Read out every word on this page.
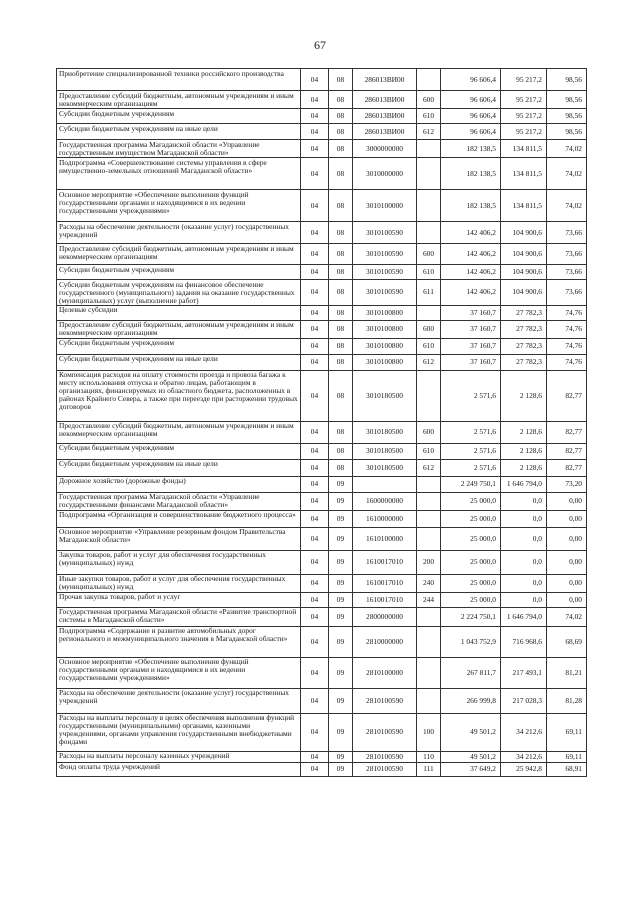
67
Приобретение специализированной техники российского производства	04	08	286013ВИ00		96 606,4	95 217,2	98,56
Предоставление субсидий бюджетным, автономным учреждениям и иным некоммерческим организациям	04	08	286013ВИ00	600	96 606,4	95 217,2	98,56
Субсидии бюджетным учреждениям	04	08	286013ВИ00	610	96 606,4	95 217,2	98,56
Субсидии бюджетным учреждениям на иные цели	04	08	286013ВИ00	612	96 606,4	95 217,2	98,56
Государственная программа Магаданской области «Управление государственным имуществом Магаданской области»	04	08	3000000000		182 138,5	134 811,5	74,02
Подпрограмма «Совершенствование системы управления в сфере имущественно-земельных отношений Магаданской области»	04	08	3010000000		182 138,5	134 811,5	74,02
Основное мероприятие «Обеспечение выполнения функций государственными органами и находящимися в их ведении государственными учреждениями»	04	08	3010100000		182 138,5	134 811,5	74,02
Расходы на обеспечение деятельности (оказание услуг) государственных учреждений	04	08	3010100590		142 406,2	104 900,6	73,66
Предоставление субсидий бюджетным, автономным учреждениям и иным некоммерческим организациям	04	08	3010100590	600	142 406,2	104 900,6	73,66
Субсидии бюджетным учреждениям	04	08	3010100590	610	142 406,2	104 900,6	73,66
Субсидии бюджетным учреждениям на финансовое обеспечение государственного (муниципального) задания на оказание государственных (муниципальных) услуг (выполнение работ)	04	08	3010100590	611	142 406,2	104 900,6	73,66
Целевые субсидии	04	08	3010100800		37 160,7	27 782,3	74,76
Предоставление субсидий бюджетным, автономным учреждениям и иным некоммерческим организациям	04	08	3010100800	600	37 160,7	27 782,3	74,76
Субсидии бюджетным учреждениям	04	08	3010100800	610	37 160,7	27 782,3	74,76
Субсидии бюджетным учреждениям на иные цели	04	08	3010100800	612	37 160,7	27 782,3	74,76
Компенсация расходов на оплату стоимости проезда и провоза багажа к месту использования отпуска и обратно лицам, работающим в организациях, финансируемых из областного бюджета, расположенных в районах Крайнего Севера, а также при переезде при расторжении трудовых договоров	04	08	3010180500		2 571,6	2 128,6	82,77
Предоставление субсидий бюджетным, автономным учреждениям и иным некоммерческим организациям	04	08	3010180500	600	2 571,6	2 128,6	82,77
Субсидии бюджетным учреждениям	04	08	3010180500	610	2 571,6	2 128,6	82,77
Субсидии бюджетным учреждениям на иные цели	04	08	3010180500	612	2 571,6	2 128,6	82,77
Дорожное хозяйство (дорожные фонды)	04	09			2 249 750,1	1 646 794,0	73,20
Государственная программа Магаданской области «Управление государственными финансами Магаданской области»	04	09	1600000000		25 000,0	0,0	0,00
Подпрограмма «Организация и совершенствование бюджетного процесса»	04	09	1610000000		25 000,0	0,0	0,00
Основное мероприятие «Управление резервным фондом Правительства Магаданской области»	04	09	1610100000		25 000,0	0,0	0,00
Закупка товаров, работ и услуг для обеспечения государственных (муниципальных) нужд	04	09	1610017010	200	25 000,0	0,0	0,00
Иные закупки товаров, работ и услуг для обеспечения государственных (муниципальных) нужд	04	09	1610017010	240	25 000,0	0,0	0,00
Прочая закупка товаров, работ и услуг	04	09	1610017010	244	25 000,0	0,0	0,00
Государственная программа Магаданской области «Развитие транспортной системы в Магаданской области»	04	09	2800000000		2 224 750,1	1 646 794,0	74,02
Подпрограмма «Содержание и развитие автомобильных дорог регионального и межмуниципального значения в Магаданской области»	04	09	2810000000		1 043 752,9	716 968,6	68,69
Основное мероприятие «Обеспечение выполнения функций государственными органами и находящимися в их ведении государственными учреждениями»	04	09	2810100000		267 811,7	217 493,1	81,21
Расходы на обеспечение деятельности (оказание услуг) государственных учреждений	04	09	2810100590		266 999,8	217 028,3	81,28
Расходы на выплаты персоналу в целях обеспечения выполнения функций государственными (муниципальными) органами, казенными учреждениями, органами управления государственными внебюджетными фондами	04	09	2810100590	100	49 501,2	34 212,6	69,11
Расходы на выплаты персоналу казенных учреждений	04	09	2810100590	110	49 501,2	34 212,6	69,11
Фонд оплаты труда учреждений	04	09	2810100590	111	37 649,2	25 942,8	68,91
